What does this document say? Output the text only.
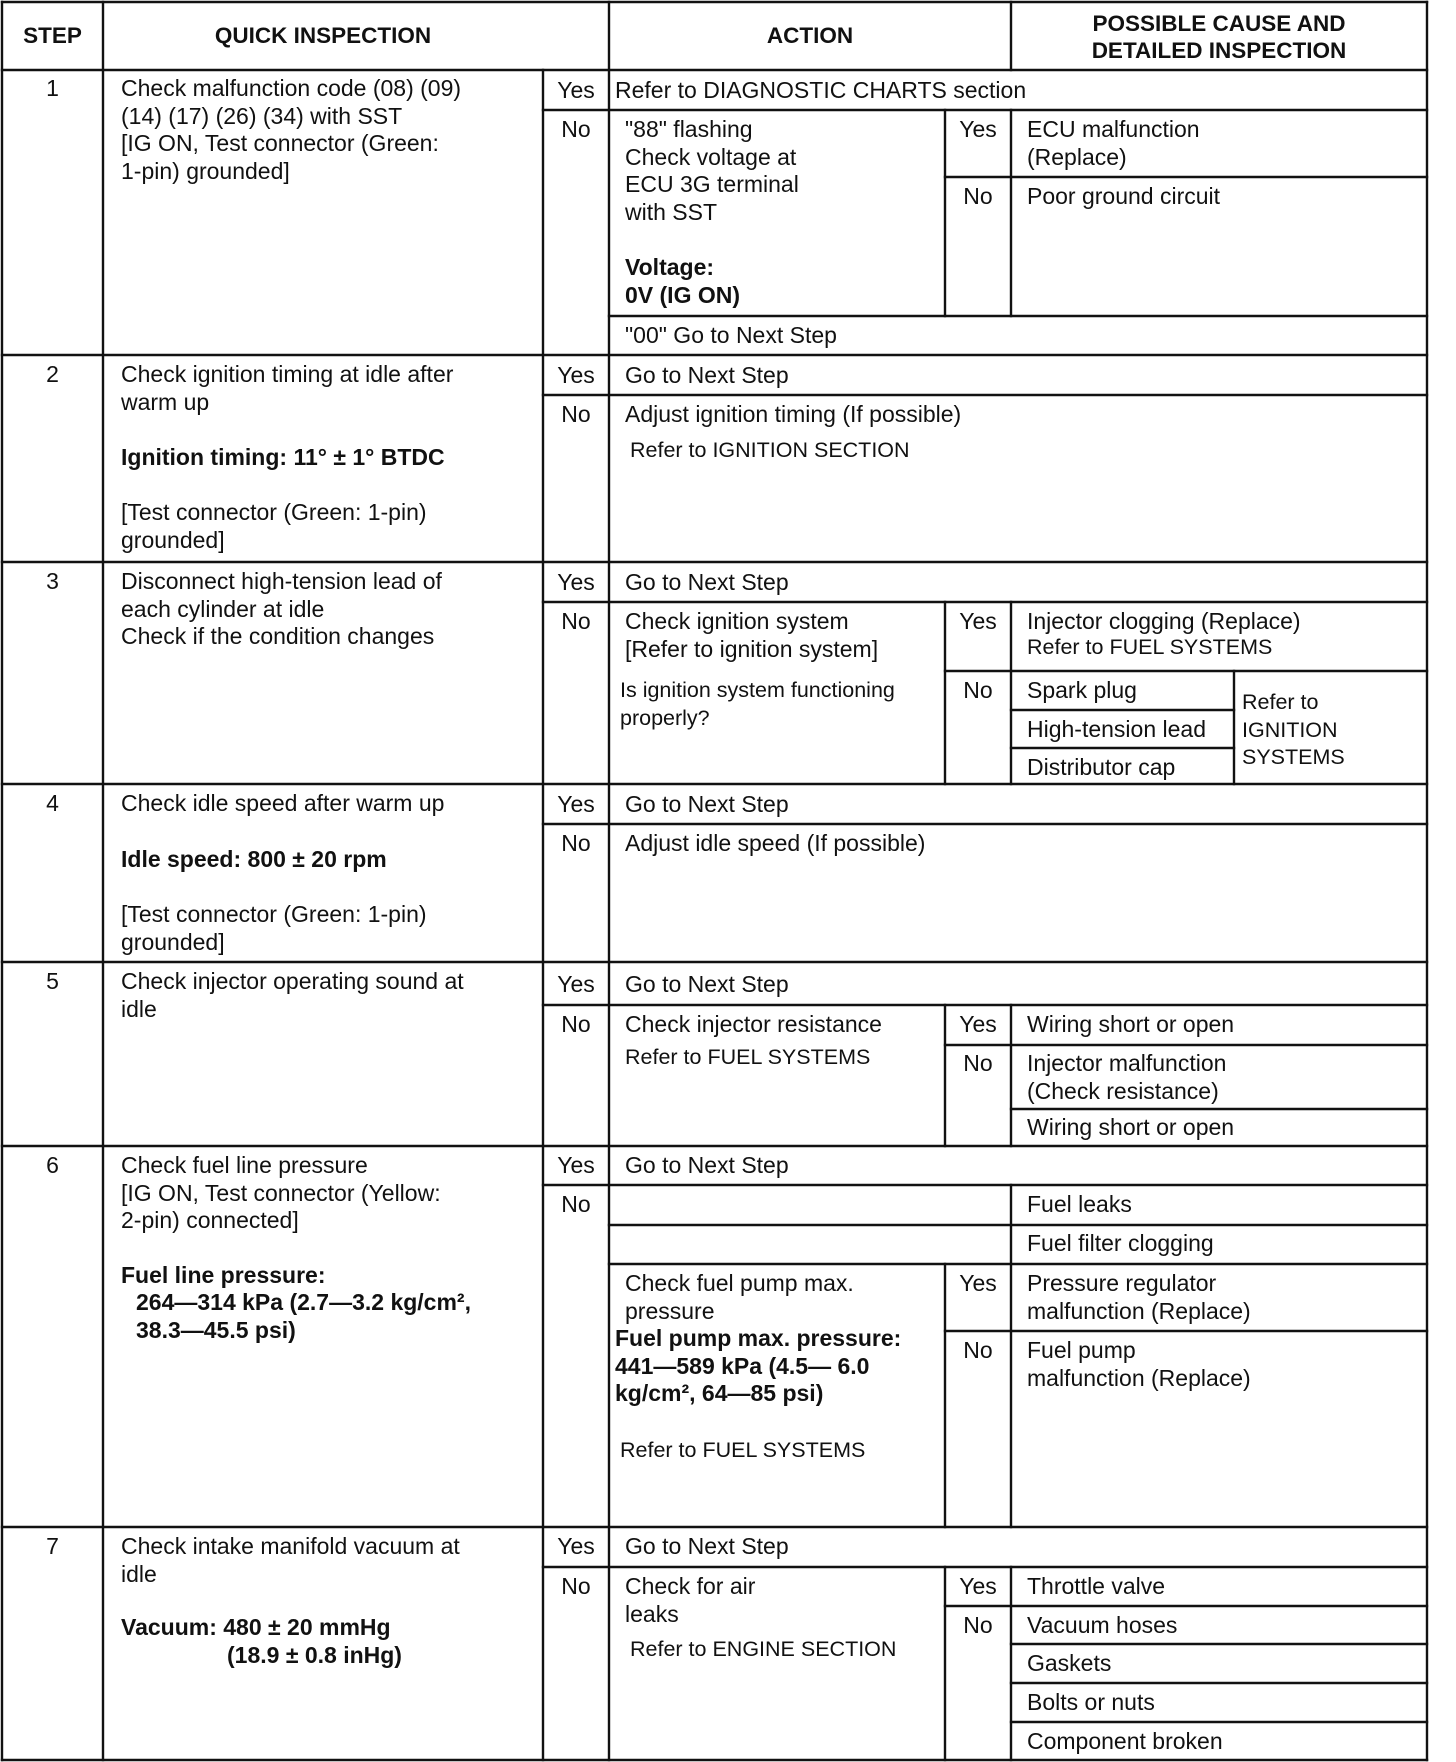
STEP	QUICK INSPECTION	ACTION	POSSIBLE CAUSE AND
DETAILED INSPECTION
1	Check malfunction code (08) (09)
(14) (17) (26) (34) with SST
[IG ON, Test connector (Green:
1-pin) grounded]
Yes Refer to DIAGNOSTIC CHARTS section
No	"88" flashing
Check voltage at
ECU 3G terminal
with SST
Voltage:
0V (IG ON)
Yes	ECU malfunction
(Replace)
No	Poor ground circuit
"00" Go to Next Step
2	Check ignition timing at idle after
warm up
Ignition timing: 11° ± 1° BTDC
[Test connector (Green: 1-pin)
grounded]
Yes	Go to Next Step
No	Adjust ignition timing (If possible)
Refer to IGNITION SECTION
3	Disconnect high-tension lead of
each cylinder at idle
Check if the condition changes
Yes	Go to Next Step
No	Check ignition system
[Refer to ignition system]
Is ignition system functioning
properly?
Yes	Injector clogging (Replace)
Refer to FUEL SYSTEMS
No	Spark plug
High-tension lead
Distributor cap
Refer to
IGNITION
SYSTEMS
4	Check idle speed after warm up
Idle speed: 800 ± 20 rpm
[Test connector (Green: 1-pin)
grounded]
Yes	Go to Next Step
No	Adjust idle speed (If possible)
5	Check injector operating sound at
idle
Yes	Go to Next Step
No	Check injector resistance
Refer to FUEL SYSTEMS
Yes	Wiring short or open
No	Injector malfunction
(Check resistance)
Wiring short or open
6	Check fuel line pressure
[IG ON, Test connector (Yellow:
2-pin) connected]
Fuel line pressure:
264—314 kPa (2.7—3.2 kg/cm²,
38.3—45.5 psi)
Yes	Go to Next Step
No	Fuel leaks
Fuel filter clogging
Check fuel pump max.
pressure
Fuel pump max. pressure:
441—589 kPa (4.5— 6.0
kg/cm², 64—85 psi)
Refer to FUEL SYSTEMS
Yes	Pressure regulator
malfunction (Replace)
No	Fuel pump
malfunction (Replace)
7	Check intake manifold vacuum at
idle
Vacuum: 480 ± 20 mmHg
(18.9 ± 0.8 inHg)
Yes	Go to Next Step
No	Check for air
leaks
Refer to ENGINE SECTION
Yes	Throttle valve
No	Vacuum hoses
Gaskets
Bolts or nuts
Component broken
